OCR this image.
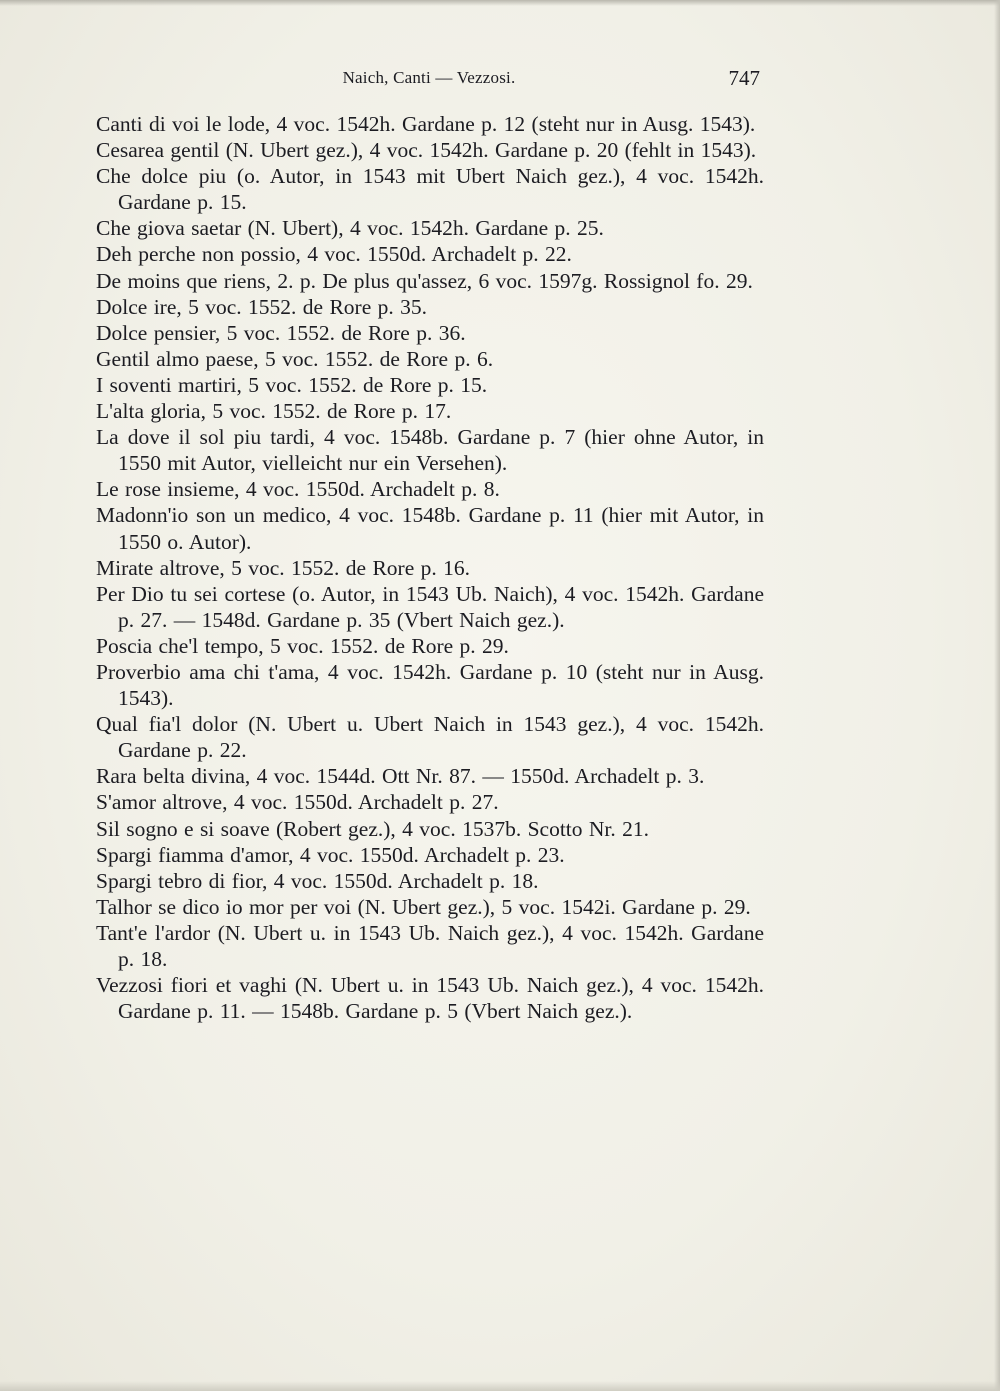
Naich, Canti — Vezzosi.	747
Canti di voi le lode, 4 voc. 1542h. Gardane p. 12 (steht nur in Ausg. 1543).
Cesarea gentil (N. Ubert gez.), 4 voc. 1542h. Gardane p. 20 (fehlt in 1543).
Che dolce piu (o. Autor, in 1543 mit Ubert Naich gez.), 4 voc. 1542h. Gardane p. 15.
Che giova saetar (N. Ubert), 4 voc. 1542h. Gardane p. 25.
Deh perche non possio, 4 voc. 1550d. Archadelt p. 22.
De moins que riens, 2. p. De plus qu'assez, 6 voc. 1597g. Rossignol fo. 29.
Dolce ire, 5 voc. 1552. de Rore p. 35.
Dolce pensier, 5 voc. 1552. de Rore p. 36.
Gentil almo paese, 5 voc. 1552. de Rore p. 6.
I soventi martiri, 5 voc. 1552. de Rore p. 15.
L'alta gloria, 5 voc. 1552. de Rore p. 17.
La dove il sol piu tardi, 4 voc. 1548b. Gardane p. 7 (hier ohne Autor, in 1550 mit Autor, vielleicht nur ein Versehen).
Le rose insieme, 4 voc. 1550d. Archadelt p. 8.
Madonn'io son un medico, 4 voc. 1548b. Gardane p. 11 (hier mit Autor, in 1550 o. Autor).
Mirate altrove, 5 voc. 1552. de Rore p. 16.
Per Dio tu sei cortese (o. Autor, in 1543 Ub. Naich), 4 voc. 1542h. Gardane p. 27. — 1548d. Gardane p. 35 (Vbert Naich gez.).
Poscia che'l tempo, 5 voc. 1552. de Rore p. 29.
Proverbio ama chi t'ama, 4 voc. 1542h. Gardane p. 10 (steht nur in Ausg. 1543).
Qual fia'l dolor (N. Ubert u. Ubert Naich in 1543 gez.), 4 voc. 1542h. Gardane p. 22.
Rara belta divina, 4 voc. 1544d. Ott Nr. 87. — 1550d. Archadelt p. 3.
S'amor altrove, 4 voc. 1550d. Archadelt p. 27.
Sil sogno e si soave (Robert gez.), 4 voc. 1537b. Scotto Nr. 21.
Spargi fiamma d'amor, 4 voc. 1550d. Archadelt p. 23.
Spargi tebro di fior, 4 voc. 1550d. Archadelt p. 18.
Talhor se dico io mor per voi (N. Ubert gez.), 5 voc. 1542i. Gardane p. 29.
Tant'e l'ardor (N. Ubert u. in 1543 Ub. Naich gez.), 4 voc. 1542h. Gardane p. 18.
Vezzosi fiori et vaghi (N. Ubert u. in 1543 Ub. Naich gez.), 4 voc. 1542h. Gardane p. 11. — 1548b. Gardane p. 5 (Vbert Naich gez.).
